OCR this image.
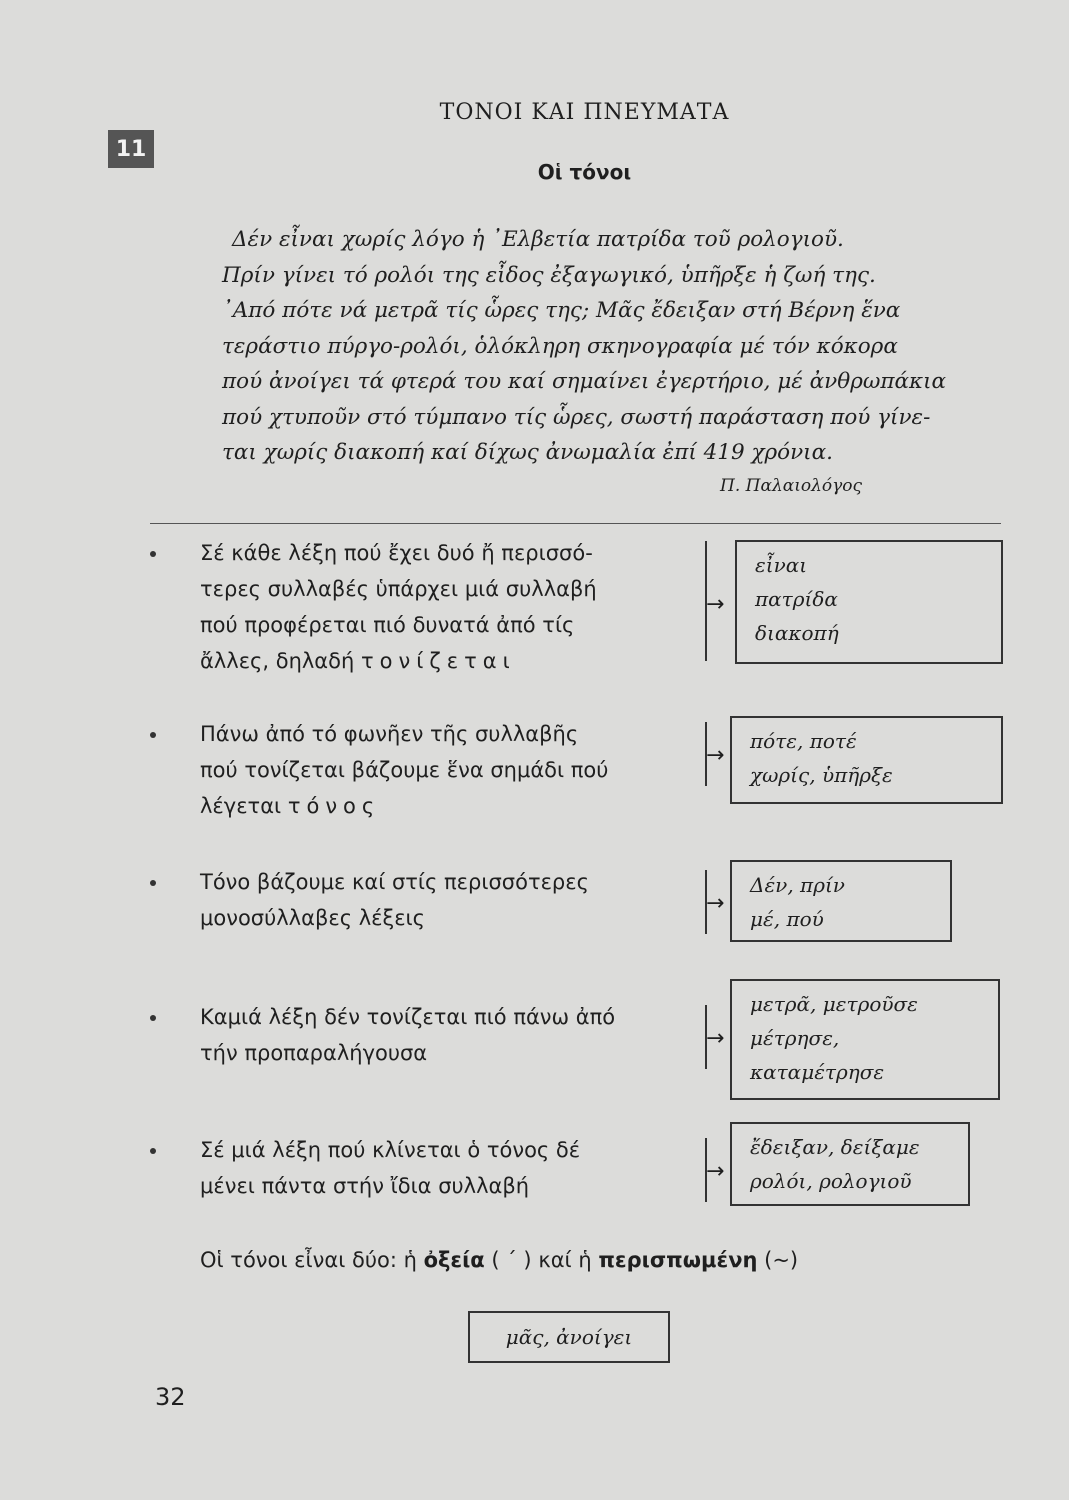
11
ΤΟΝΟΙ ΚΑΙ ΠΝΕΥΜΑΤΑ
Οἱ τόνοι
Δέν εἶναι χωρίς λόγο ἡ ᾿Ελβετία πατρίδα τοῦ ρολογιοῦ.
Πρίν γίνει τό ρολόι της εἶδος ἐξαγωγικό, ὑπῆρξε ἡ ζωή της.
᾿Από πότε νά μετρᾶ τίς ὧρες της; Μᾶς ἔδειξαν στή Βέρνη ἕνα
τεράστιο πύργο-ρολόι, ὁλόκληρη σκηνογραφία μέ τόν κόκορα
πού ἀνοίγει τά φτερά του καί σημαίνει ἐγερτήριο, μέ ἀνθρωπάκια
πού χτυποῦν στό τύμπανο τίς ὧρες, σωστή παράσταση πού γίνε-
ται χωρίς διακοπή καί δίχως ἀνωμαλία ἐπί 419 χρόνια.
Π. Παλαιολόγος
Σέ κάθε λέξη πού ἔχει δυό ἤ περισσό-
τερες συλλαβές ὑπάρχει μιά συλλαβή
πού προφέρεται πιό δυνατά ἀπό τίς
ἄλλες, δηλαδή τονίζεται
→
εἶναι
πατρίδα
διακοπή
Πάνω ἀπό τό φωνῆεν τῆς συλλαβῆς
πού τονίζεται βάζουμε ἕνα σημάδι πού
λέγεται τόνος
→
πότε, ποτέ
χωρίς, ὑπῆρξε
Τόνο βάζουμε καί στίς περισσότερες
μονοσύλλαβες λέξεις
→
Δέν, πρίν
μέ, πού
Καμιά λέξη δέν τονίζεται πιό πάνω ἀπό
τήν προπαραλήγουσα
→
μετρᾶ, μετροῦσε
μέτρησε,
καταμέτρησε
Σέ μιά λέξη πού κλίνεται ὁ τόνος δέ
μένει πάντα στήν ἴδια συλλαβή
→
ἔδειξαν, δείξαμε
ρολόι, ρολογιοῦ
Οἱ τόνοι εἶναι δύο: ἡ ὀξεία ( ΄ ) καί ἡ περισπωμένη (~)
μᾶς, ἀνοίγει
32
